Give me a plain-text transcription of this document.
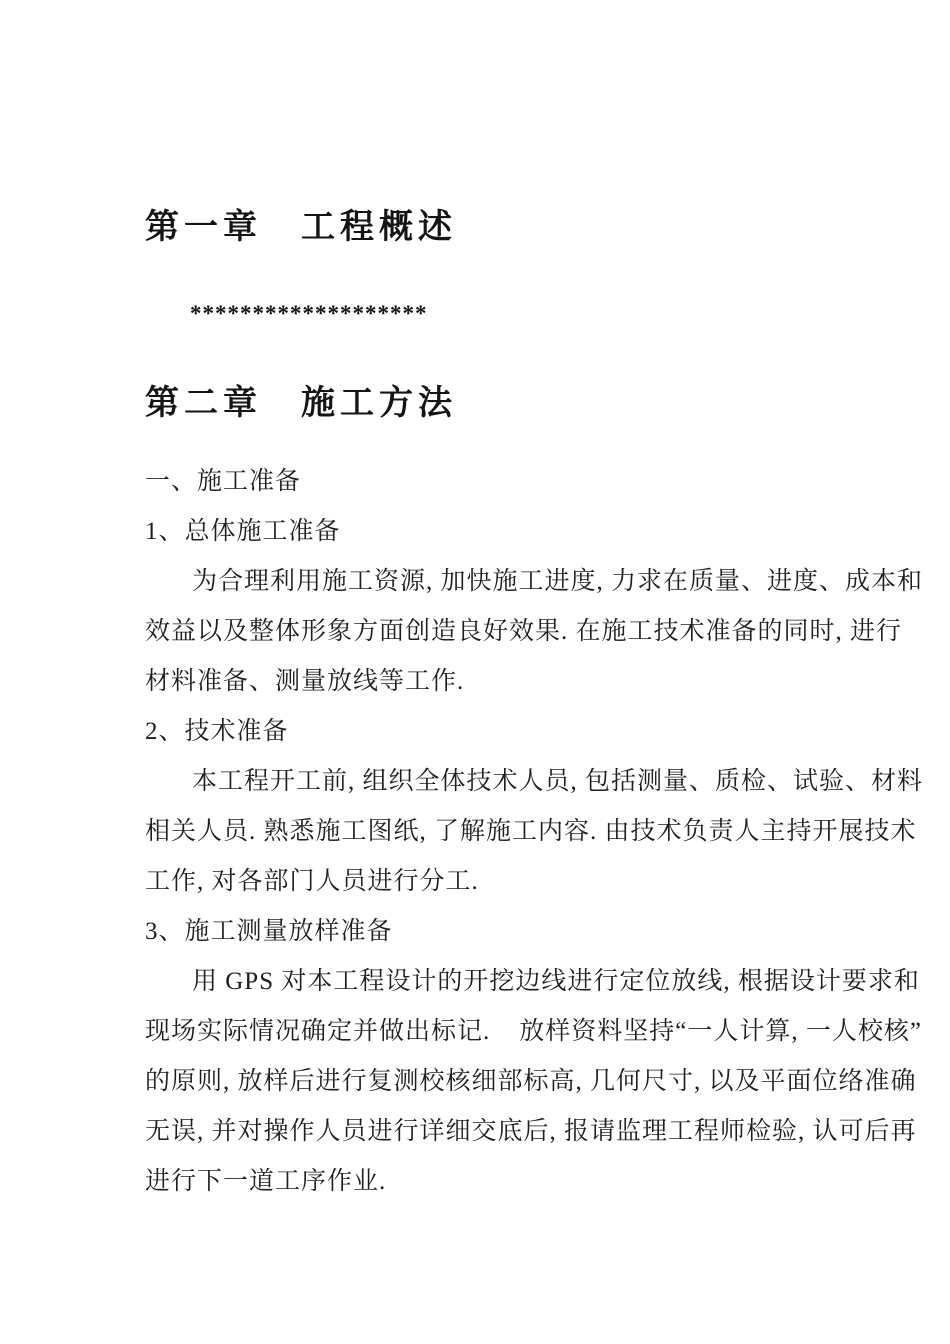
第一章　工程概述
*******************
第二章　施工方法
一、施工准备
1、总体施工准备
为合理利用施工资源, 加快施工进度, 力求在质量、进度、成本和
效益以及整体形象方面创造良好效果. 在施工技术准备的同时, 进行
材料准备、测量放线等工作.
2、技术准备
本工程开工前, 组织全体技术人员, 包括测量、质检、试验、材料
相关人员. 熟悉施工图纸, 了解施工内容. 由技术负责人主持开展技术
工作, 对各部门人员进行分工.
3、施工测量放样准备
用 GPS 对本工程设计的开挖边线进行定位放线, 根据设计要求和
现场实际情况确定并做出标记.    放样资料坚持“一人计算, 一人校核”
的原则, 放样后进行复测校核细部标高, 几何尺寸, 以及平面位络准确
无误, 并对操作人员进行详细交底后, 报请监理工程师检验, 认可后再
进行下一道工序作业.
